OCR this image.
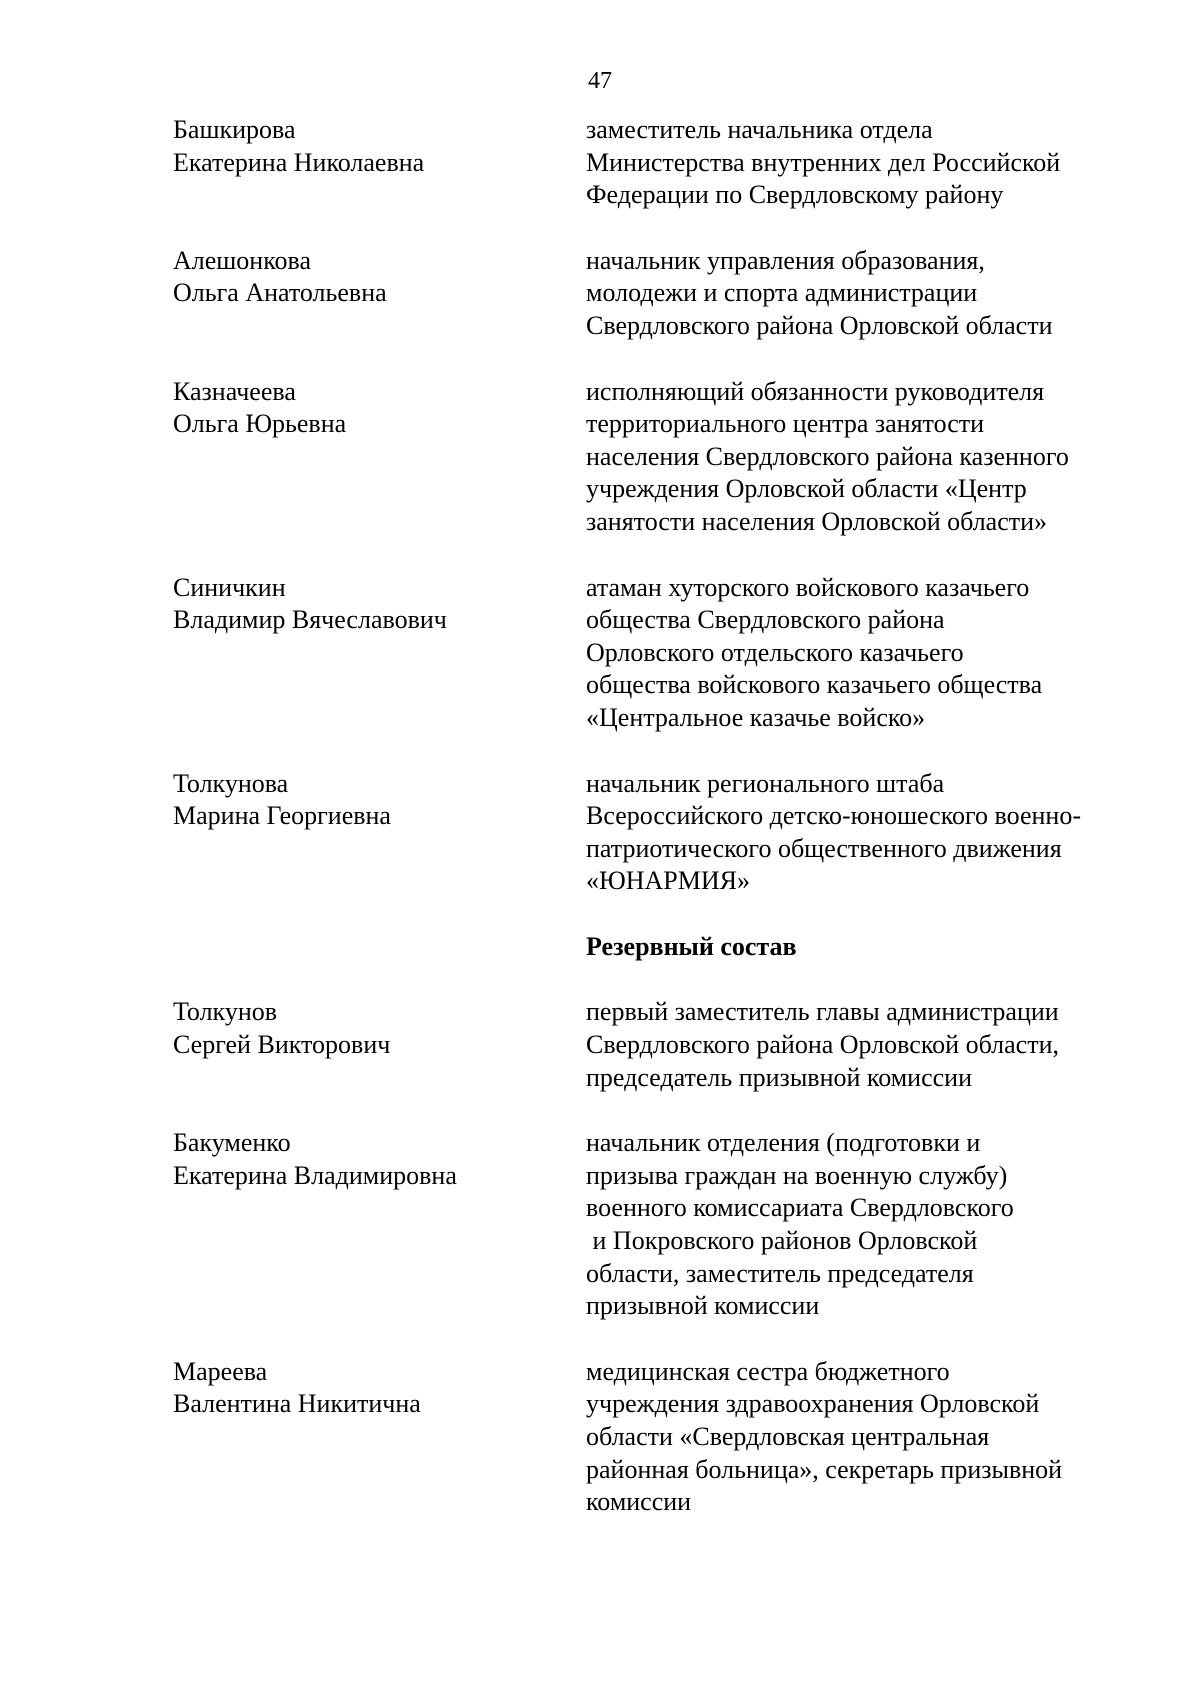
47
Башкирова
Екатерина Николаевна
заместитель начальника отдела
Министерства внутренних дел Российской
Федерации по Свердловскому району
Алешонкова
Ольга Анатольевна
начальник управления образования,
молодежи и спорта администрации
Свердловского района Орловской области
Казначеева
Ольга Юрьевна
исполняющий обязанности руководителя
территориального центра занятости
населения Свердловского района казенного
учреждения Орловской области «Центр
занятости населения Орловской области»
Синичкин
Владимир Вячеславович
атаман хуторского войскового казачьего
общества Свердловского района
Орловского отдельского казачьего
общества войскового казачьего общества
«Центральное казачье войско»
Толкунова
Марина Георгиевна
начальник регионального штаба
Всероссийского детско-юношеского военно-
патриотического общественного движения
«ЮНАРМИЯ»
Резервный состав
Толкунов
Сергей Викторович
первый заместитель главы администрации
Свердловского района Орловской области,
председатель призывной комиссии
Бакуменко
Екатерина Владимировна
начальник отделения (подготовки и
призыва граждан на военную службу)
военного комиссариата Свердловского
и Покровского районов Орловской
области, заместитель председателя
призывной комиссии
Мареева
Валентина Никитична
медицинская сестра бюджетного
учреждения здравоохранения Орловской
области «Свердловская центральная
районная больница», секретарь призывной
комиссии
